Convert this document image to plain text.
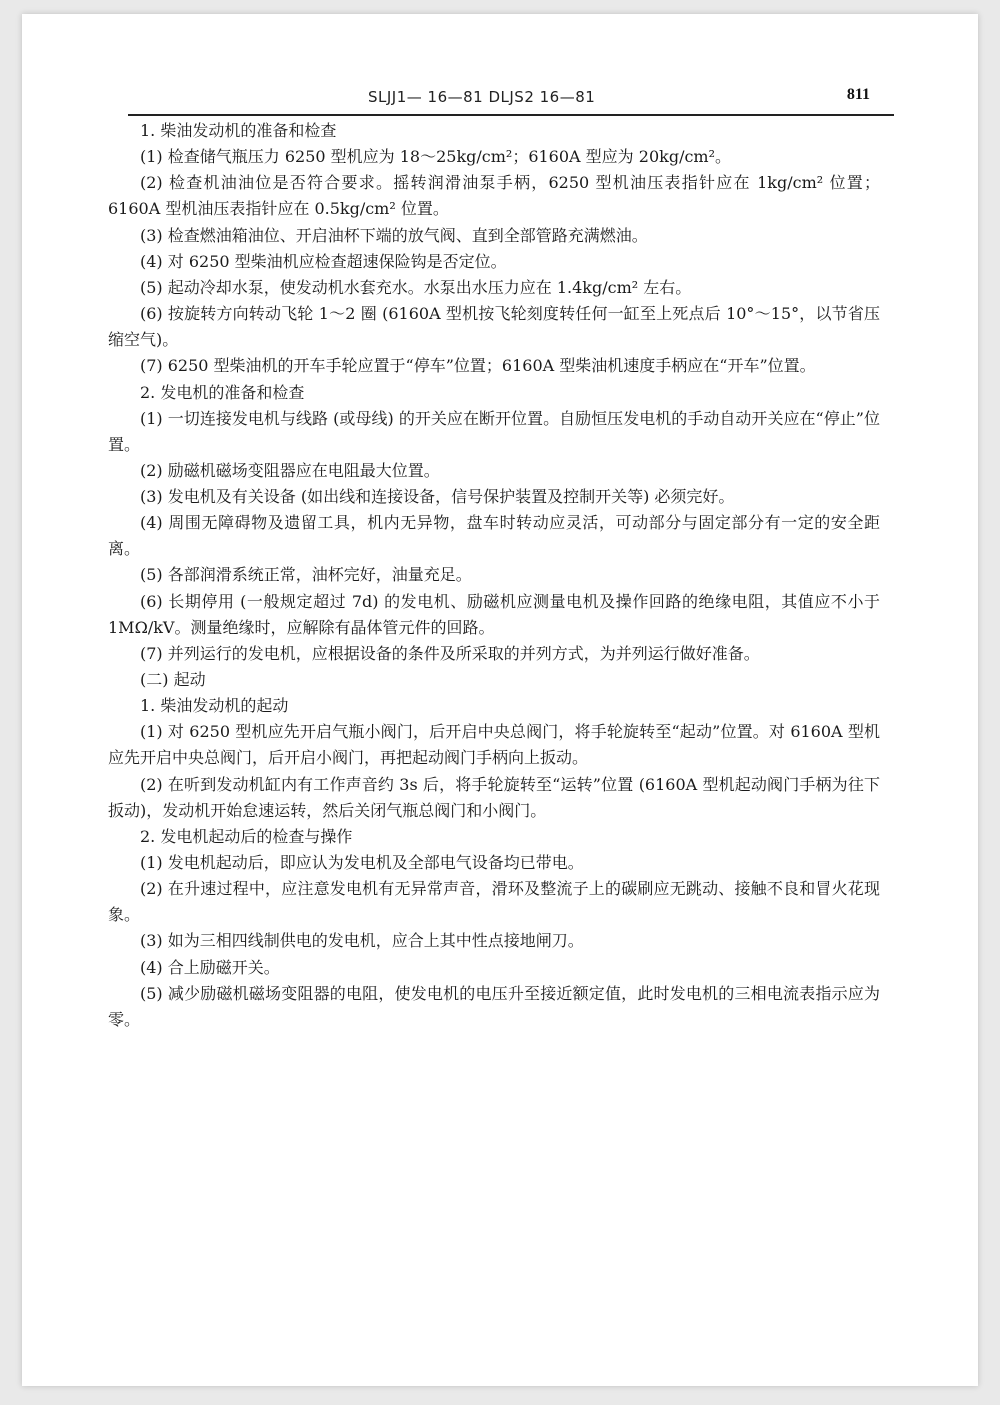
SLJJ1— 16—81 DLJS2 16—81	811

1. 柴油发动机的准备和检查

(1) 检查储气瓶压力 6250 型机应为 18～25kg/cm²；6160A 型应为 20kg/cm²。

(2) 检查机油油位是否符合要求。摇转润滑油泵手柄，6250 型机油压表指针应在 1kg/cm² 位置；6160A 型机油压表指针应在 0.5kg/cm² 位置。

(3) 检查燃油箱油位、开启油杯下端的放气阀、直到全部管路充满燃油。

(4) 对 6250 型柴油机应检查超速保险钩是否定位。

(5) 起动冷却水泵，使发动机水套充水。水泵出水压力应在 1.4kg/cm² 左右。

(6) 按旋转方向转动飞轮 1～2 圈 (6160A 型机按飞轮刻度转任何一缸至上死点后 10°～15°，以节省压缩空气)。

(7) 6250 型柴油机的开车手轮应置于“停车”位置；6160A 型柴油机速度手柄应在“开车”位置。

2. 发电机的准备和检查

(1) 一切连接发电机与线路 (或母线) 的开关应在断开位置。自励恒压发电机的手动自动开关应在“停止”位置。

(2) 励磁机磁场变阻器应在电阻最大位置。

(3) 发电机及有关设备 (如出线和连接设备，信号保护装置及控制开关等) 必须完好。

(4) 周围无障碍物及遗留工具，机内无异物，盘车时转动应灵活，可动部分与固定部分有一定的安全距离。

(5) 各部润滑系统正常，油杯完好，油量充足。

(6) 长期停用 (一般规定超过 7d) 的发电机、励磁机应测量电机及操作回路的绝缘电阻，其值应不小于 1MΩ/kV。测量绝缘时，应解除有晶体管元件的回路。

(7) 并列运行的发电机，应根据设备的条件及所采取的并列方式，为并列运行做好准备。

(二) 起动

1. 柴油发动机的起动

(1) 对 6250 型机应先开启气瓶小阀门，后开启中央总阀门，将手轮旋转至“起动”位置。对 6160A 型机应先开启中央总阀门，后开启小阀门，再把起动阀门手柄向上扳动。

(2) 在听到发动机缸内有工作声音约 3s 后，将手轮旋转至“运转”位置 (6160A 型机起动阀门手柄为往下扳动)，发动机开始怠速运转，然后关闭气瓶总阀门和小阀门。

2. 发电机起动后的检查与操作

(1) 发电机起动后，即应认为发电机及全部电气设备均已带电。

(2) 在升速过程中，应注意发电机有无异常声音，滑环及整流子上的碳刷应无跳动、接触不良和冒火花现象。

(3) 如为三相四线制供电的发电机，应合上其中性点接地闸刀。

(4) 合上励磁开关。

(5) 减少励磁机磁场变阻器的电阻，使发电机的电压升至接近额定值，此时发电机的三相电流表指示应为零。
